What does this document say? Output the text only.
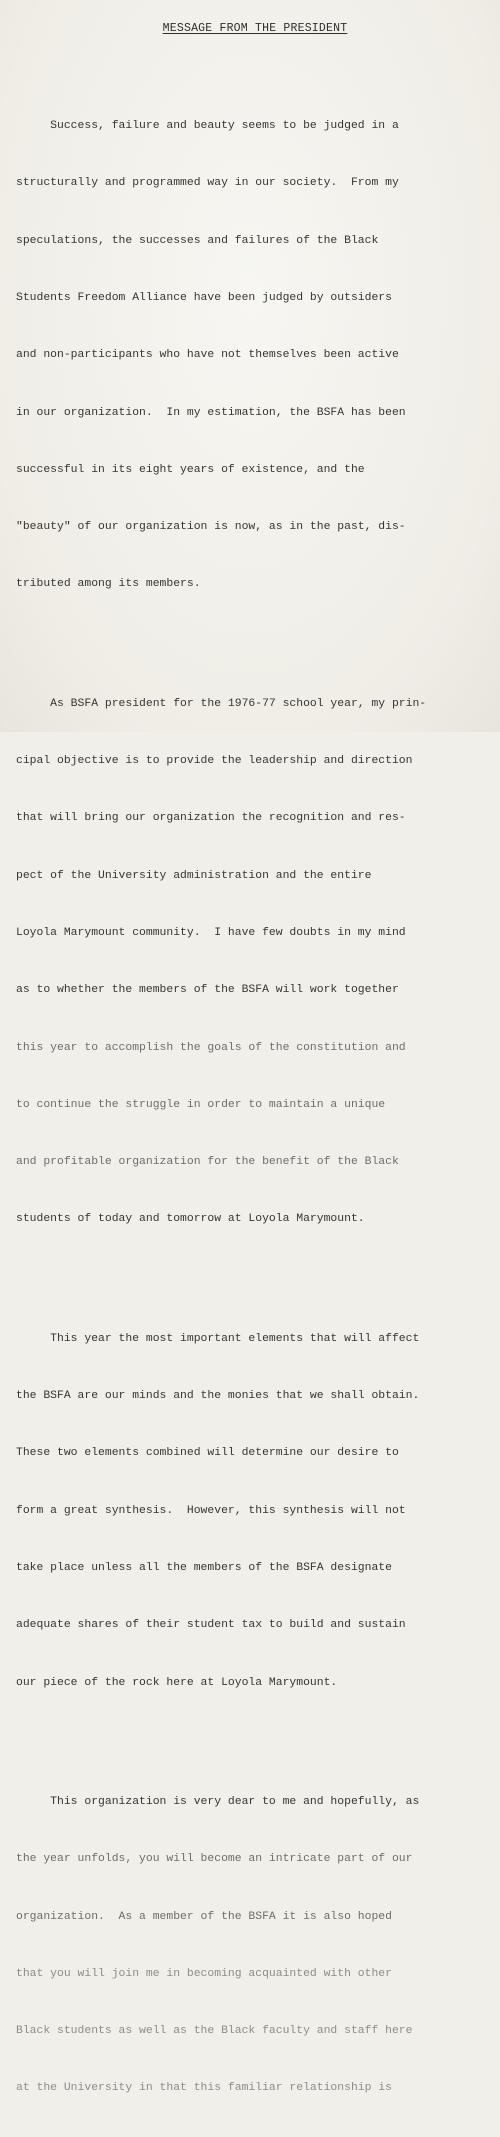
MESSAGE FROM THE PRESIDENT

Success, failure and beauty seems to be judged in a

structurally and programmed way in our society.  From my

speculations, the successes and failures of the Black

Students Freedom Alliance have been judged by outsiders

and non-participants who have not themselves been active

in our organization.  In my estimation, the BSFA has been

successful in its eight years of existence, and the

"beauty" of our organization is now, as in the past, dis-

tributed among its members.

As BSFA president for the 1976-77 school year, my prin-

cipal objective is to provide the leadership and direction

that will bring our organization the recognition and res-

pect of the University administration and the entire

Loyola Marymount community.  I have few doubts in my mind

as to whether the members of the BSFA will work together

this year to accomplish the goals of the constitution and

to continue the struggle in order to maintain a unique

and profitable organization for the benefit of the Black

students of today and tomorrow at Loyola Marymount.

This year the most important elements that will affect

the BSFA are our minds and the monies that we shall obtain.

These two elements combined will determine our desire to

form a great synthesis.  However, this synthesis will not

take place unless all the members of the BSFA designate

adequate shares of their student tax to build and sustain

our piece of the rock here at Loyola Marymount.

This organization is very dear to me and hopefully, as

the year unfolds, you will become an intricate part of our

organization.  As a member of the BSFA it is also hoped

that you will join me in becoming acquainted with other

Black students as well as the Black faculty and staff here

at the University in that this familiar relationship is
